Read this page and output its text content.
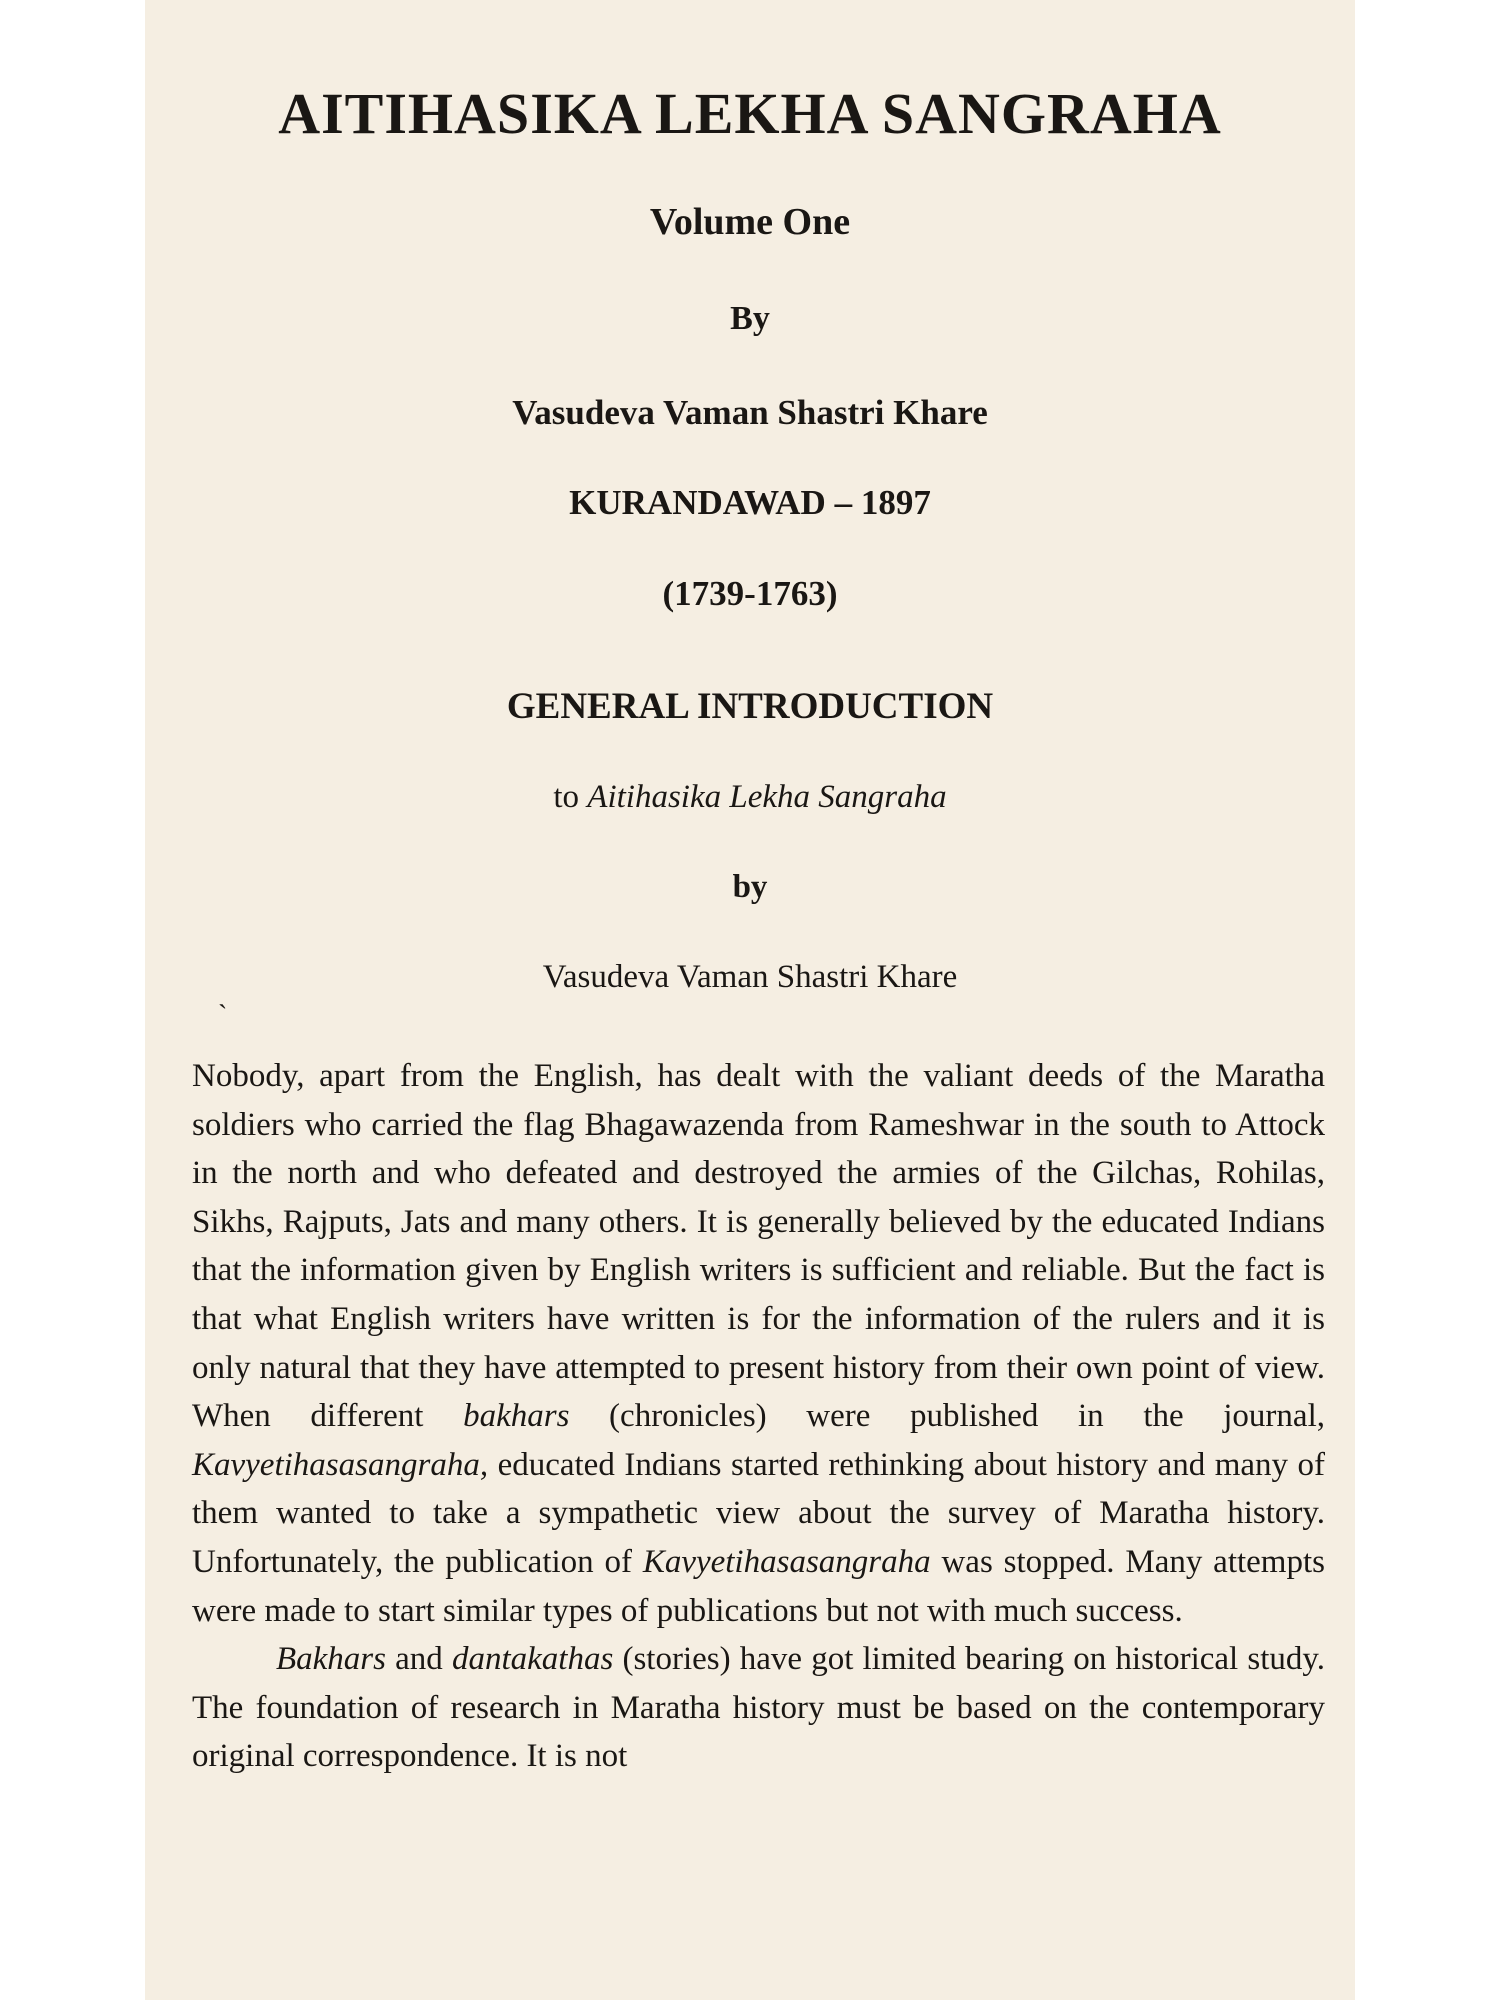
AITIHASIKA LEKHA SANGRAHA
Volume One
By
Vasudeva Vaman Shastri Khare
KURANDAWAD – 1897
(1739-1763)
GENERAL INTRODUCTION
to Aitihasika Lekha Sangraha
by
Vasudeva Vaman Shastri Khare
`

Nobody, apart from the English, has dealt with the valiant deeds of the Maratha soldiers who carried the flag Bhagawazenda from Rameshwar in the south to Attock in the north and who defeated and destroyed the armies of the Gilchas, Rohilas, Sikhs, Rajputs, Jats and many others. It is generally believed by the educated Indians that the information given by English writers is sufficient and reliable. But the fact is that what English writers have written is for the information of the rulers and it is only natural that they have attempted to present history from their own point of view. When different bakhars (chronicles) were published in the journal, Kavyetihasasangraha, educated Indians started rethinking about history and many of them wanted to take a sympathetic view about the survey of Maratha history. Unfortunately, the publication of Kavyetihasasangraha was stopped. Many attempts were made to start similar types of publications but not with much success.

Bakhars and dantakathas (stories) have got limited bearing on historical study. The foundation of research in Maratha history must be based on the contemporary original correspondence. It is not
